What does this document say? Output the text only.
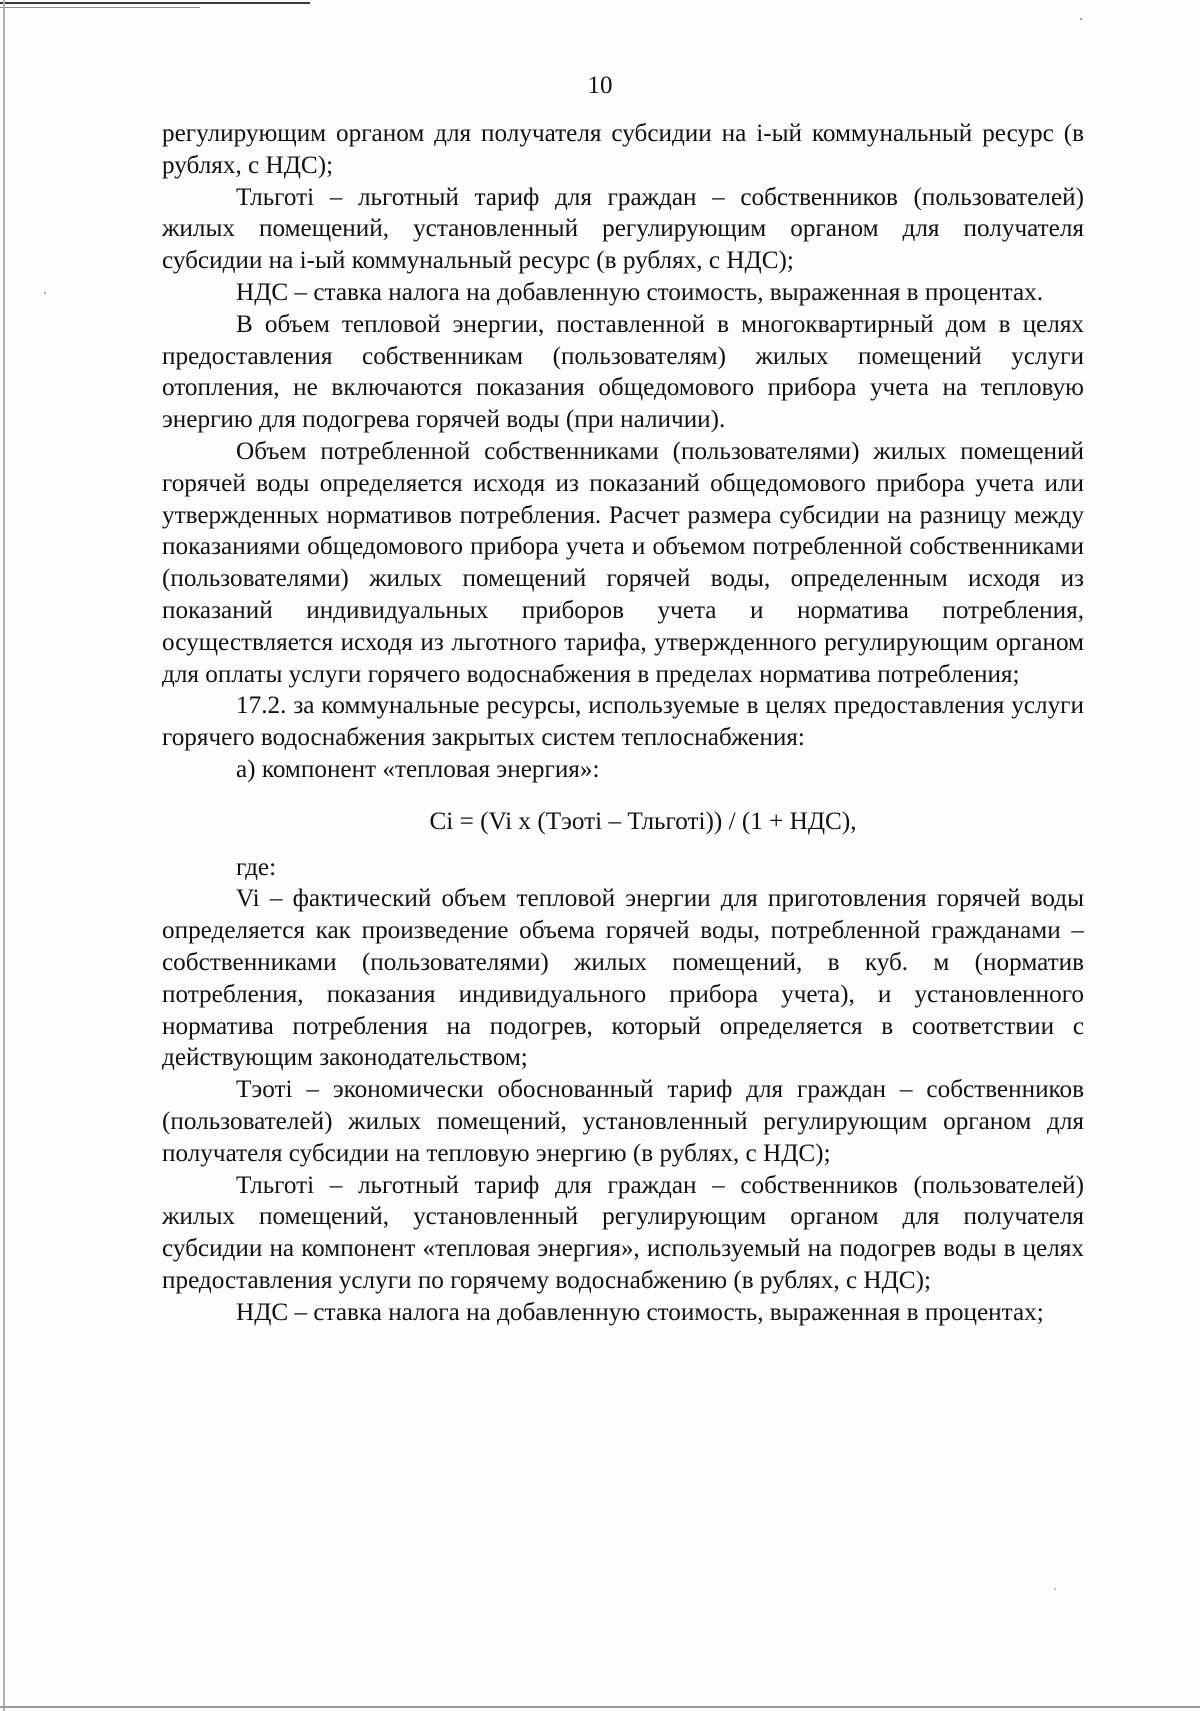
10

регулирующим органом для получателя субсидии на i-ый коммунальный ресурс (в рублях, с НДС);

Тльготi – льготный тариф для граждан – собственников (пользователей) жилых помещений, установленный регулирующим органом для получателя субсидии на i-ый коммунальный ресурс (в рублях, с НДС);

НДС – ставка налога на добавленную стоимость, выраженная в процентах.

В объем тепловой энергии, поставленной в многоквартирный дом в целях предоставления собственникам (пользователям) жилых помещений услуги отопления, не включаются показания общедомового прибора учета на тепловую энергию для подогрева горячей воды (при наличии).

Объем потребленной собственниками (пользователями) жилых помещений горячей воды определяется исходя из показаний общедомового прибора учета или утвержденных нормативов потребления. Расчет размера субсидии на разницу между показаниями общедомового прибора учета и объемом потребленной собственниками (пользователями) жилых помещений горячей воды, определенным исходя из показаний индивидуальных приборов учета и норматива потребления, осуществляется исходя из льготного тарифа, утвержденного регулирующим органом для оплаты услуги горячего водоснабжения в пределах норматива потребления;

17.2. за коммунальные ресурсы, используемые в целях предоставления услуги горячего водоснабжения закрытых систем теплоснабжения:

а) компонент «тепловая энергия»:

Сi = (Vi х (Тэотi – Тльготi)) / (1 + НДС),

где:

Vi – фактический объем тепловой энергии для приготовления горячей воды определяется как произведение объема горячей воды, потребленной гражданами – собственниками (пользователями) жилых помещений, в куб. м (норматив потребления, показания индивидуального прибора учета), и установленного норматива потребления на подогрев, который определяется в соответствии с действующим законодательством;

Тэотi – экономически обоснованный тариф для граждан – собственников (пользователей) жилых помещений, установленный регулирующим органом для получателя субсидии на тепловую энергию (в рублях, с НДС);

Тльготi – льготный тариф для граждан – собственников (пользователей) жилых помещений, установленный регулирующим органом для получателя субсидии на компонент «тепловая энергия», используемый на подогрев воды в целях предоставления услуги по горячему водоснабжению (в рублях, с НДС);

НДС – ставка налога на добавленную стоимость, выраженная в процентах;
